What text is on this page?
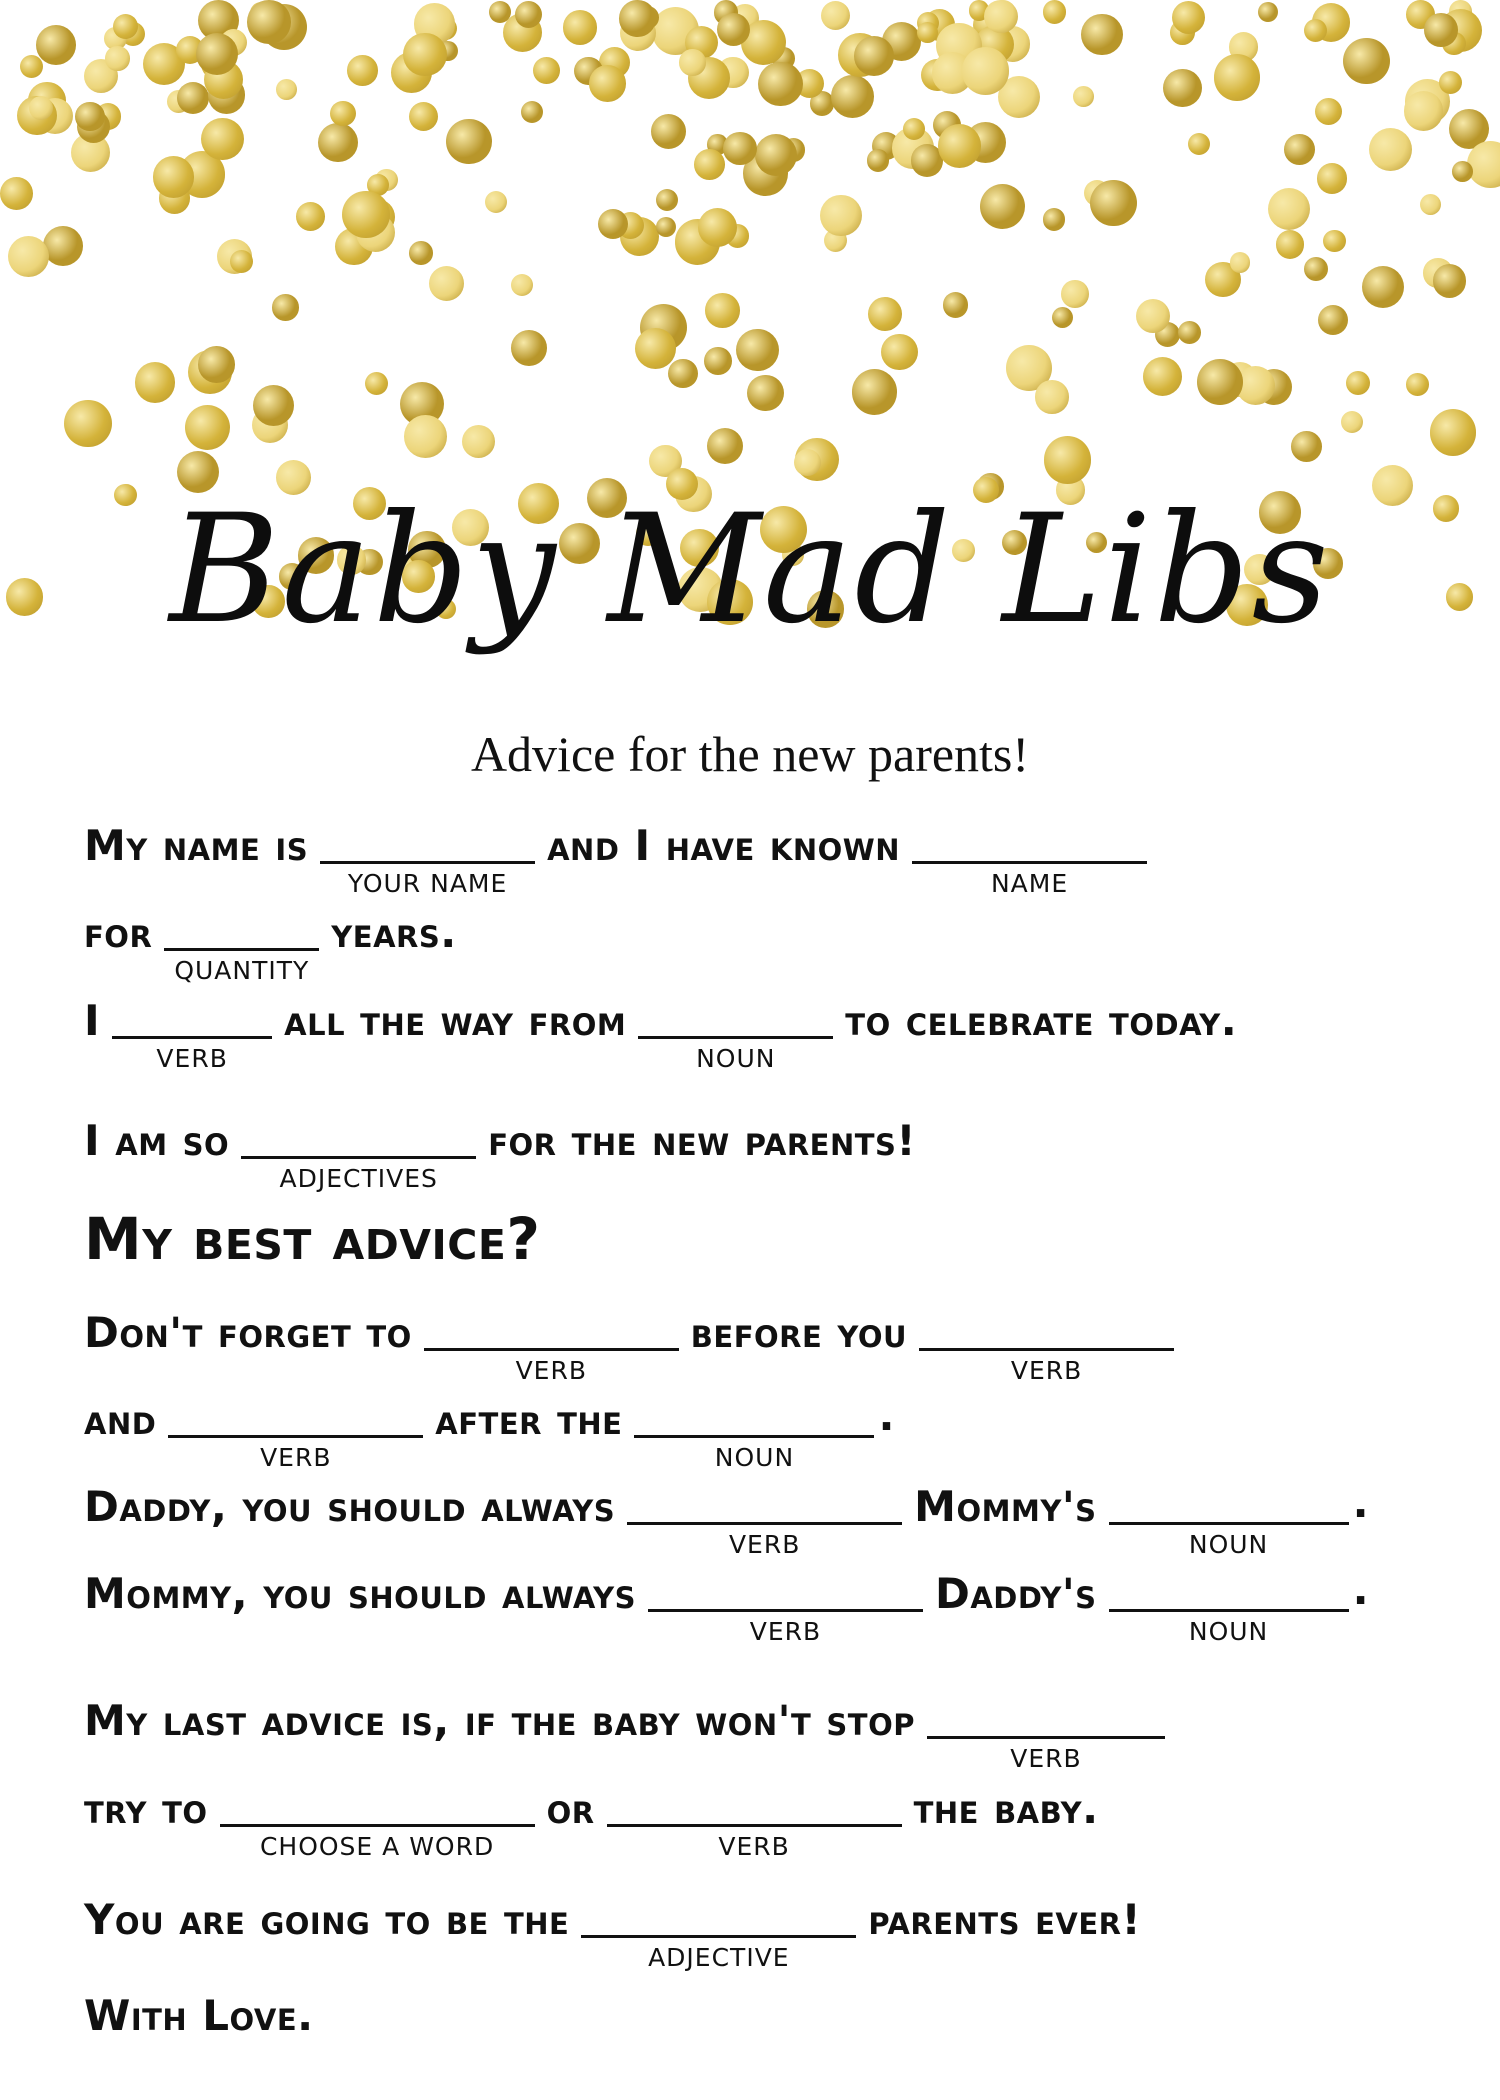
Baby Mad Libs
Advice for the new parents!
My name is
YOUR NAME
and I have known
NAME
for
QUANTITY
years.
I
VERB
all the way from
NOUN
to celebrate today.
I am so
ADJECTIVES
for the new parents!
My best advice?
Don't forget to
VERB
before you
VERB
and
VERB
after the
NOUN
.
Daddy, you should always
VERB
Mommy's
NOUN
.
Mommy, you should always
VERB
Daddy's
NOUN
.
My last advice is, if the baby won't stop
VERB
try to
CHOOSE A WORD
or
VERB
the baby.
You are going to be the
ADJECTIVE
parents ever!
With Love.
